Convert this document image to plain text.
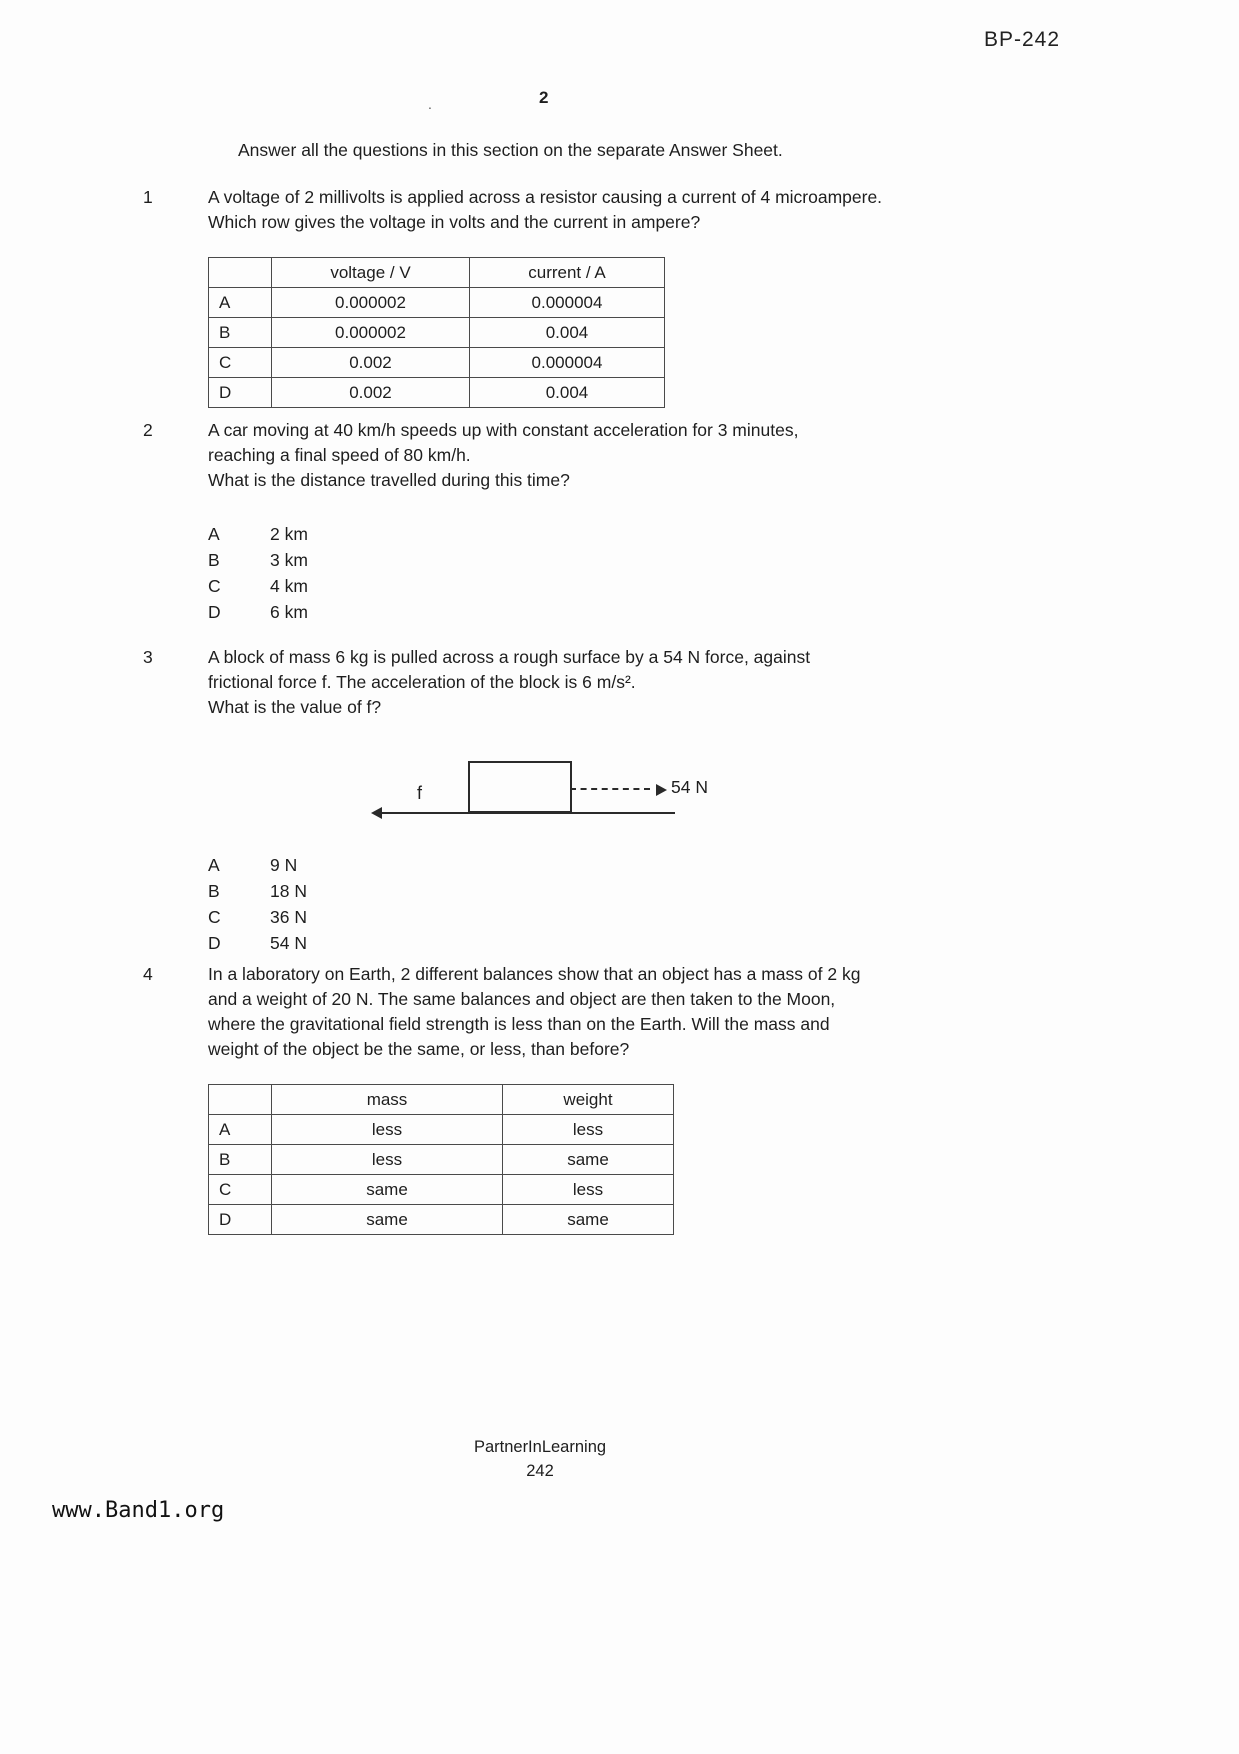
BP-242
.	2
Answer all the questions in this section on the separate Answer Sheet.
1	A voltage of 2 millivolts is applied across a resistor causing a current of 4 microampere.
Which row gives the voltage in volts and the current in ampere?
	voltage / V	current / A
A	0.000002	0.000004
B	0.000002	0.004
C	0.002	0.000004
D	0.002	0.004
2	A car moving at 40 km/h speeds up with constant acceleration for 3 minutes,
reaching a final speed of 80 km/h.
What is the distance travelled during this time?
A	2 km
B	3 km
C	4 km
D	6 km
3	A block of mass 6 kg is pulled across a rough surface by a 54 N force, against
frictional force f. The acceleration of the block is 6 m/s².
What is the value of f?
f	54 N
A	9 N
B	18 N
C	36 N
D	54 N
4	In a laboratory on Earth, 2 different balances show that an object has a mass of 2 kg
and a weight of 20 N. The same balances and object are then taken to the Moon,
where the gravitational field strength is less than on the Earth. Will the mass and
weight of the object be the same, or less, than before?
	mass	weight
A	less	less
B	less	same
C	same	less
D	same	same
PartnerInLearning
242
www.Band1.org
